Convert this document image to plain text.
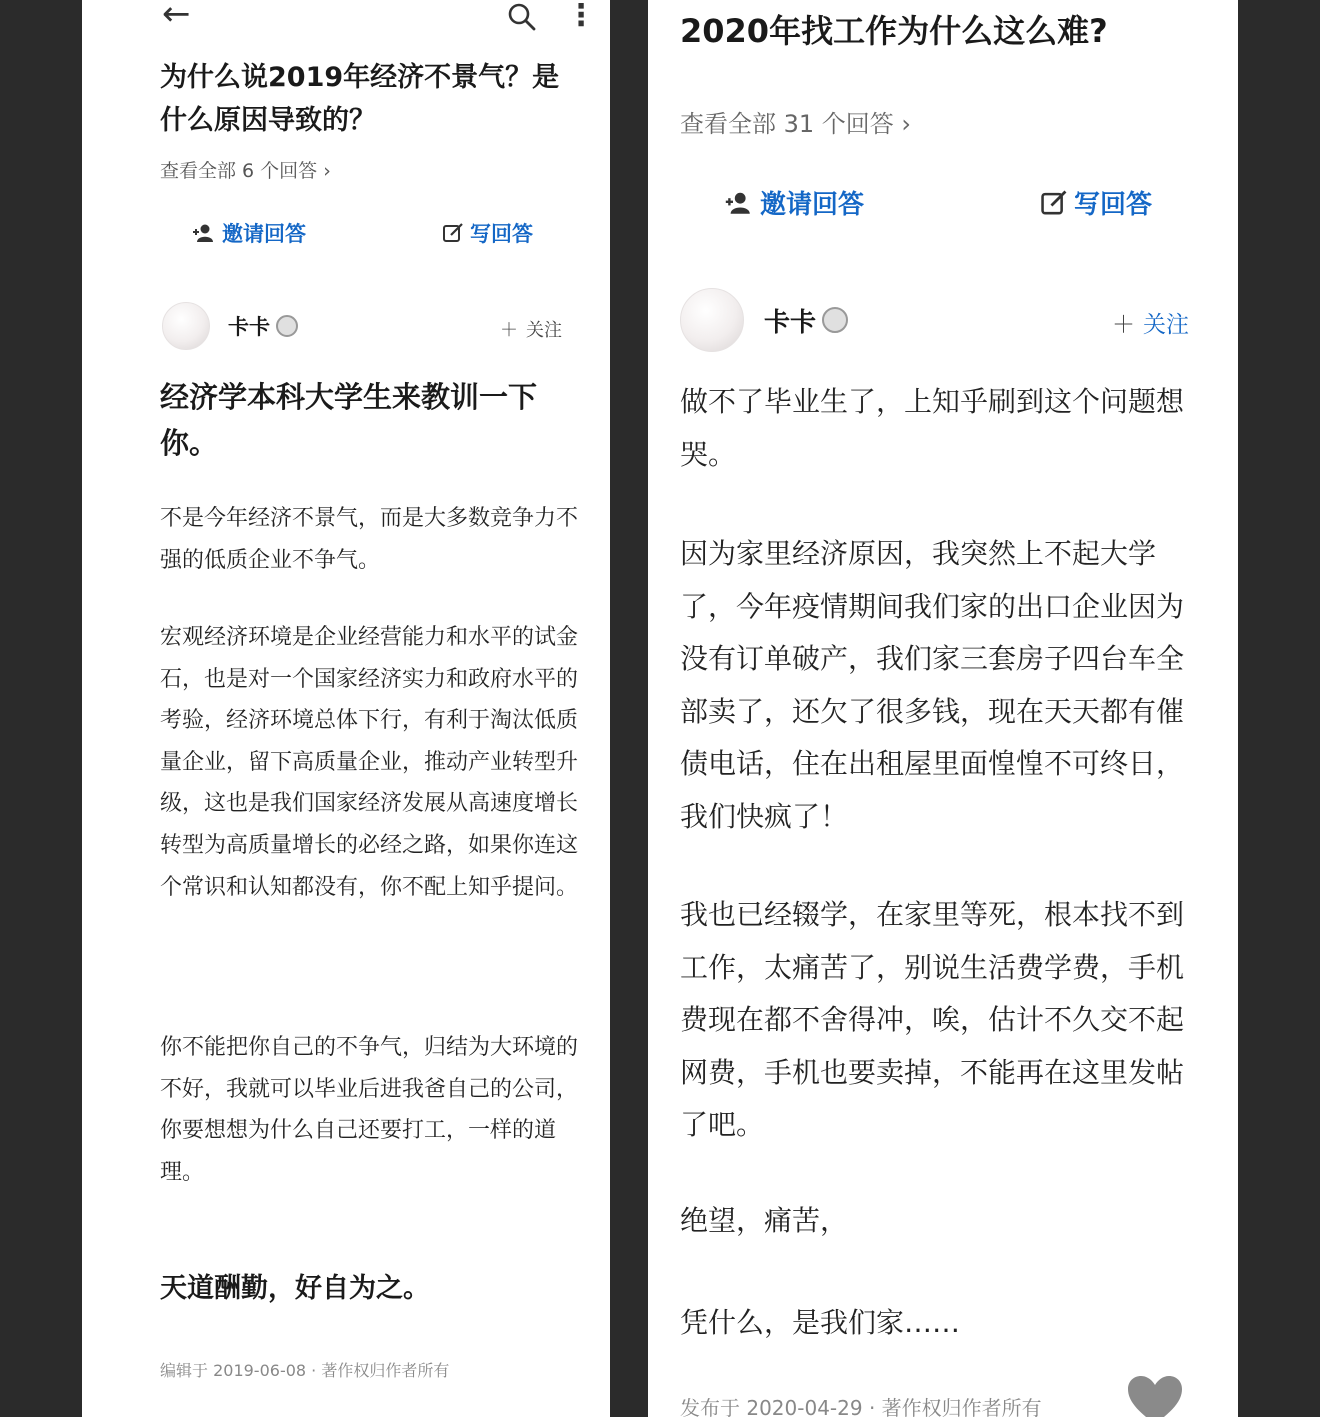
←	⋮
为什么说2019年经济不景气？是什么原因导致的？
查看全部 6 个回答 ›
邀请回答	写回答
卡卡	＋ 关注
经济学本科大学生来教训一下你。

不是今年经济不景气，而是大多数竞争力不强的低质企业不争气。

宏观经济环境是企业经营能力和水平的试金石，也是对一个国家经济实力和政府水平的考验，经济环境总体下行，有利于淘汰低质量企业，留下高质量企业，推动产业转型升级，这也是我们国家经济发展从高速度增长转型为高质量增长的必经之路，如果你连这个常识和认知都没有，你不配上知乎提问。

你不能把你自己的不争气，归结为大环境的不好，我就可以毕业后进我爸自己的公司，你要想想为什么自己还要打工，一样的道理。

天道酬勤，好自为之。
编辑于 2019-06-08 · 著作权归作者所有
2020年找工作为什么这么难?
查看全部 31 个回答 ›
邀请回答	写回答
卡卡	＋ 关注

做不了毕业生了，上知乎刷到这个问题想哭。

因为家里经济原因，我突然上不起大学了，今年疫情期间我们家的出口企业因为没有订单破产，我们家三套房子四台车全部卖了，还欠了很多钱，现在天天都有催债电话，住在出租屋里面惶惶不可终日，我们快疯了！

我也已经辍学，在家里等死，根本找不到工作，太痛苦了，别说生活费学费，手机费现在都不舍得冲，唉，估计不久交不起网费，手机也要卖掉，不能再在这里发帖了吧。

绝望，痛苦，

凭什么，是我们家……

发布于 2020-04-29 · 著作权归作者所有
